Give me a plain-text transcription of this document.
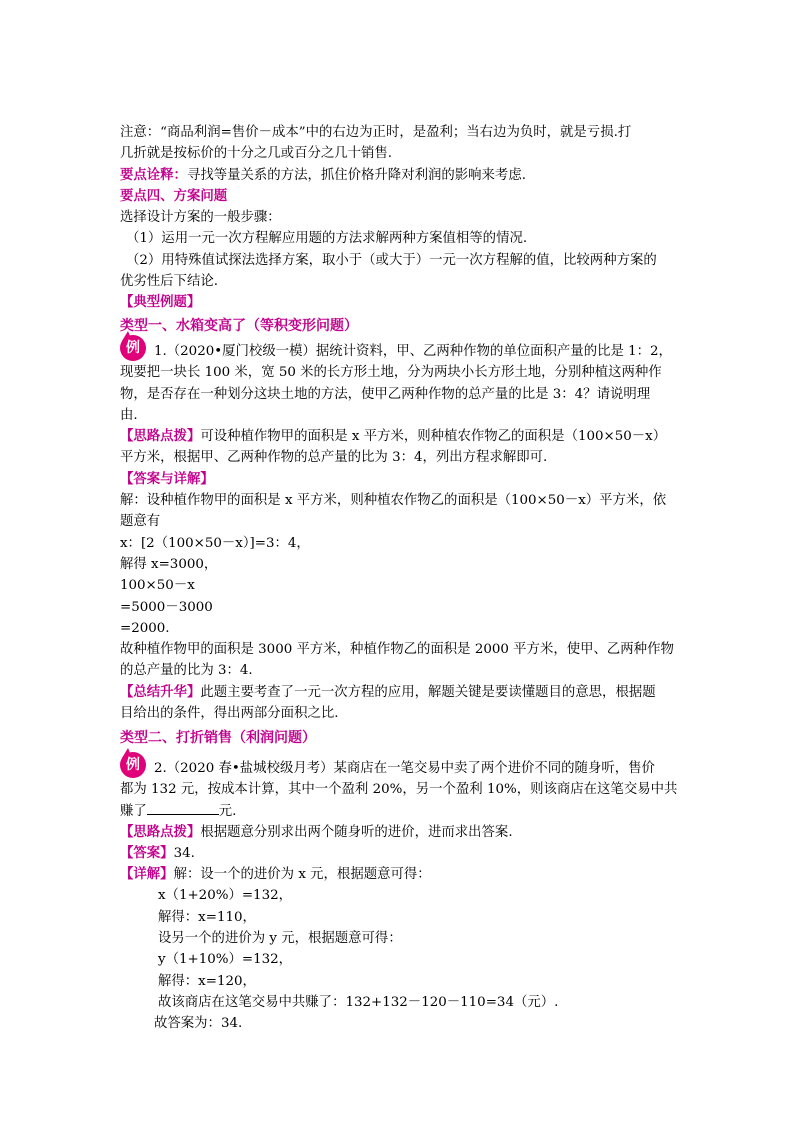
注意：“商品利润=售价－成本”中的右边为正时，是盈利；当右边为负时，就是亏损.打
几折就是按标价的十分之几或百分之几十销售.
要点诠释：寻找等量关系的方法，抓住价格升降对利润的影响来考虑.
要点四、方案问题
选择设计方案的一般步骤：
（1）运用一元一次方程解应用题的方法求解两种方案值相等的情况.
（2）用特殊值试探法选择方案，取小于（或大于）一元一次方程解的值，比较两种方案的
优劣性后下结论.
【典型例题】
类型一、水箱变高了（等积变形问题）
例	1.（2020•厦门校级一模）据统计资料，甲、乙两种作物的单位面积产量的比是 1：2，
现要把一块长 100 米，宽 50 米的长方形土地，分为两块小长方形土地，分别种植这两种作
物，是否存在一种划分这块土地的方法，使甲乙两种作物的总产量的比是 3：4？请说明理
由.
【思路点拨】可设种植作物甲的面积是 x 平方米，则种植农作物乙的面积是（100×50－x）
平方米，根据甲、乙两种作物的总产量的比为 3：4，列出方程求解即可.
【答案与详解】
解：设种植作物甲的面积是 x 平方米，则种植农作物乙的面积是（100×50－x）平方米，依
题意有
x：[2（100×50－x）]=3：4，
解得 x=3000，
100×50－x
=5000－3000
=2000.
故种植作物甲的面积是 3000 平方米，种植作物乙的面积是 2000 平方米，使甲、乙两种作物
的总产量的比为 3：4.
【总结升华】此题主要考查了一元一次方程的应用，解题关键是要读懂题目的意思，根据题
目给出的条件，得出两部分面积之比.
类型二、打折销售（利润问题）
例	2.（2020 春•盐城校级月考）某商店在一笔交易中卖了两个进价不同的随身听，售价
都为 132 元，按成本计算，其中一个盈利 20%，另一个盈利 10%，则该商店在这笔交易中共
赚了	元.
【思路点拨】根据题意分别求出两个随身听的进价，进而求出答案.
【答案】34.
【详解】解：设一个的进价为 x 元，根据题意可得：
x（1+20%）=132，
解得：x=110，
设另一个的进价为 y 元，根据题意可得：
y（1+10%）=132，
解得：x=120，
故该商店在这笔交易中共赚了：132+132－120－110=34（元）.
故答案为：34.
